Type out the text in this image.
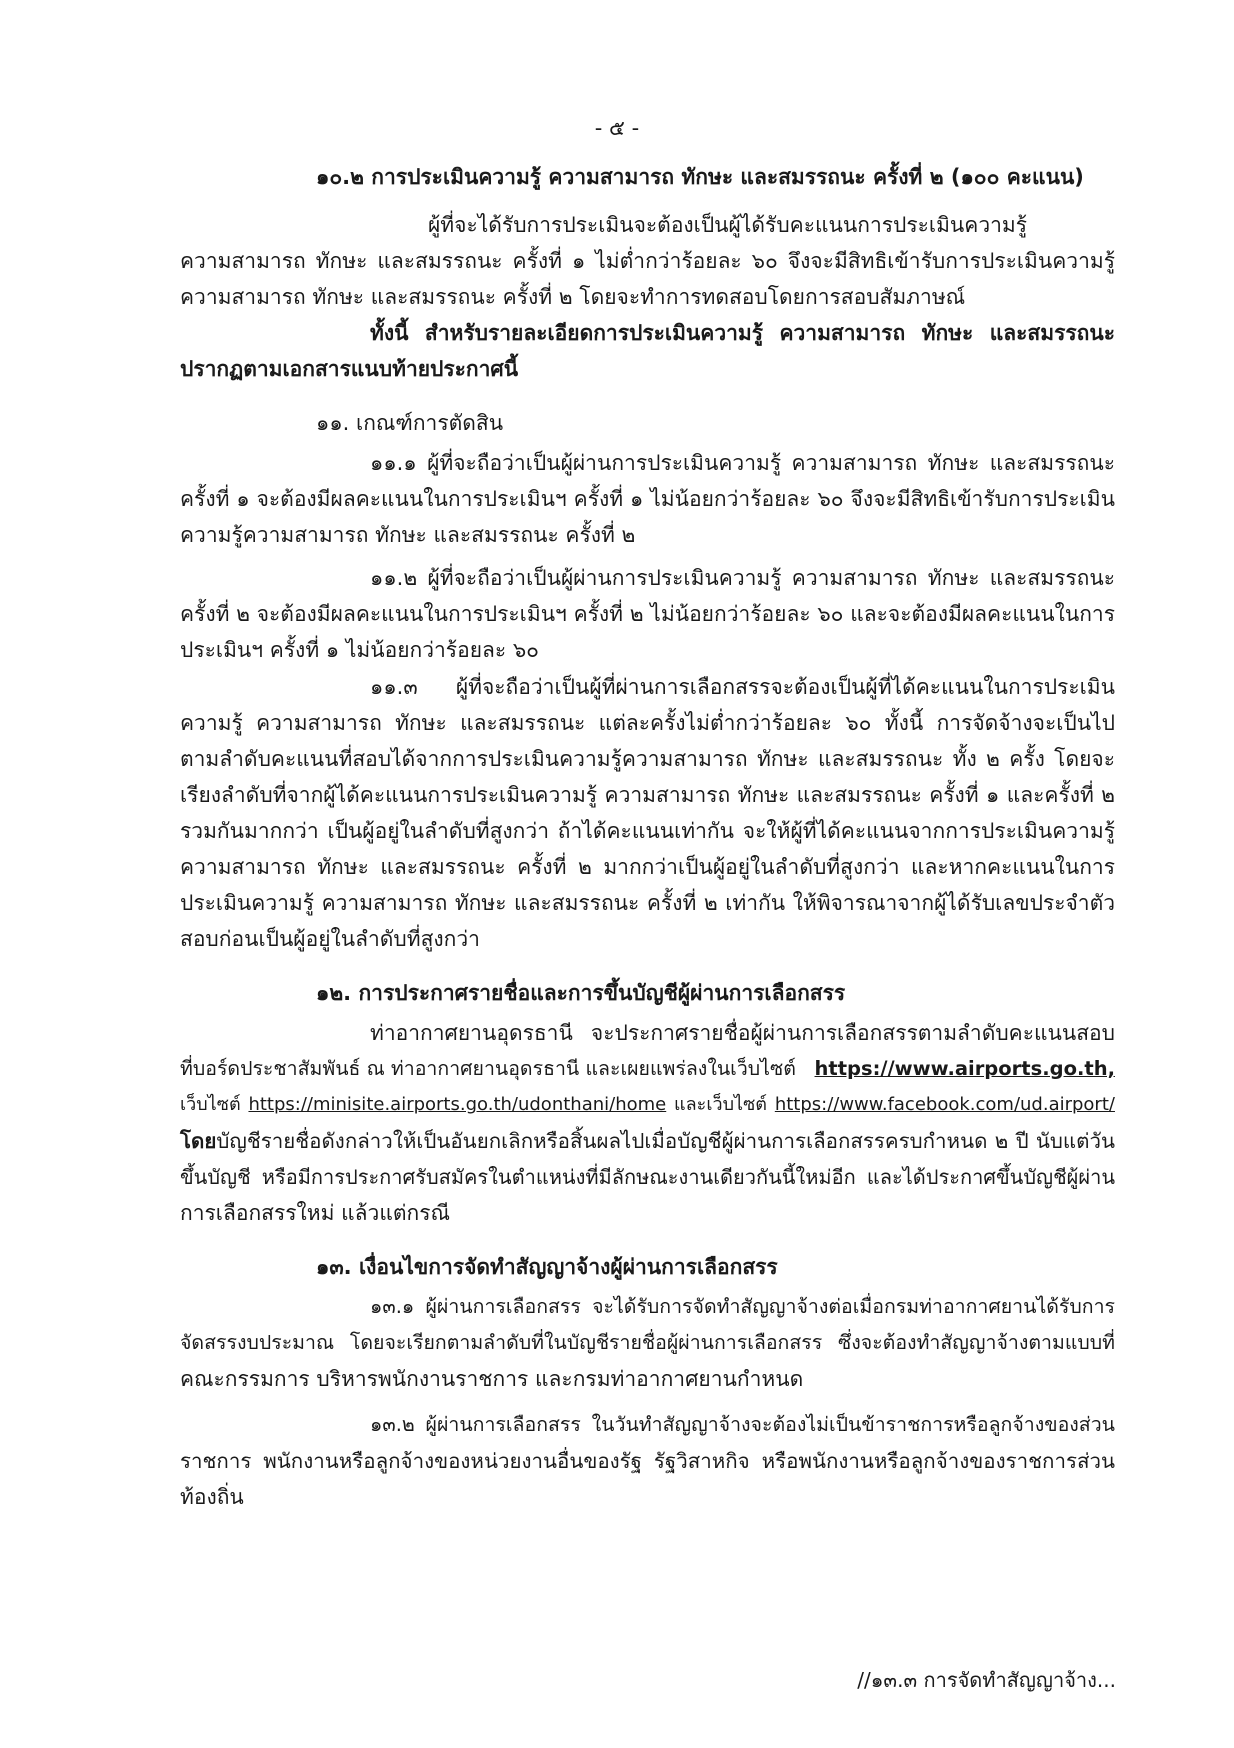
- ๕ -
๑๐.๒ การประเมินความรู้ ความสามารถ ทักษะ และสมรรถนะ ครั้งที่ ๒ (๑๐๐ คะแนน)
ผู้ที่จะได้รับการประเมินจะต้องเป็นผู้ได้รับคะแนนการประเมินความรู้
ความสามารถ ทักษะ และสมรรถนะ ครั้งที่ ๑ ไม่ต่ำกว่าร้อยละ ๖๐ จึงจะมีสิทธิเข้ารับการประเมินความรู้
ความสามารถ ทักษะ และสมรรถนะ ครั้งที่ ๒ โดยจะทำการทดสอบโดยการสอบสัมภาษณ์
ทั้งนี้ สำหรับรายละเอียดการประเมินความรู้ ความสามารถ ทักษะ และสมรรถนะ
ปรากฏตามเอกสารแนบท้ายประกาศนี้
๑๑. เกณฑ์การตัดสิน
๑๑.๑ ผู้ที่จะถือว่าเป็นผู้ผ่านการประเมินความรู้ ความสามารถ ทักษะ และสมรรถนะ
ครั้งที่ ๑ จะต้องมีผลคะแนนในการประเมินฯ ครั้งที่ ๑ ไม่น้อยกว่าร้อยละ ๖๐ จึงจะมีสิทธิเข้ารับการประเมิน
ความรู้ความสามารถ ทักษะ และสมรรถนะ ครั้งที่ ๒
๑๑.๒ ผู้ที่จะถือว่าเป็นผู้ผ่านการประเมินความรู้ ความสามารถ ทักษะ และสมรรถนะ
ครั้งที่ ๒ จะต้องมีผลคะแนนในการประเมินฯ ครั้งที่ ๒ ไม่น้อยกว่าร้อยละ ๖๐ และจะต้องมีผลคะแนนในการ
ประเมินฯ ครั้งที่ ๑ ไม่น้อยกว่าร้อยละ ๖๐
๑๑.๓ ผู้ที่จะถือว่าเป็นผู้ที่ผ่านการเลือกสรรจะต้องเป็นผู้ที่ได้คะแนนในการประเมิน
ความรู้ ความสามารถ ทักษะ และสมรรถนะ แต่ละครั้งไม่ต่ำกว่าร้อยละ ๖๐ ทั้งนี้ การจัดจ้างจะเป็นไป
ตามลำดับคะแนนที่สอบได้จากการประเมินความรู้ความสามารถ ทักษะ และสมรรถนะ ทั้ง ๒ ครั้ง โดยจะ
เรียงลำดับที่จากผู้ได้คะแนนการประเมินความรู้ ความสามารถ ทักษะ และสมรรถนะ ครั้งที่ ๑ และครั้งที่ ๒
รวมกันมากกว่า เป็นผู้อยู่ในลำดับที่สูงกว่า ถ้าได้คะแนนเท่ากัน จะให้ผู้ที่ได้คะแนนจากการประเมินความรู้
ความสามารถ ทักษะ และสมรรถนะ ครั้งที่ ๒ มากกว่าเป็นผู้อยู่ในลำดับที่สูงกว่า และหากคะแนนในการ
ประเมินความรู้ ความสามารถ ทักษะ และสมรรถนะ ครั้งที่ ๒ เท่ากัน ให้พิจารณาจากผู้ได้รับเลขประจำตัว
สอบก่อนเป็นผู้อยู่ในลำดับที่สูงกว่า
๑๒. การประกาศรายชื่อและการขึ้นบัญชีผู้ผ่านการเลือกสรร
ท่าอากาศยานอุดรธานี จะประกาศรายชื่อผู้ผ่านการเลือกสรรตามลำดับคะแนนสอบ
ที่บอร์ดประชาสัมพันธ์ ณ ท่าอากาศยานอุดรธานี และเผยแพร่ลงในเว็บไซต์ https://www.airports.go.th,
เว็บไซต์ https://minisite.airports.go.th/udonthani/home และเว็บไซต์ https://www.facebook.com/ud.airport/
โดยบัญชีรายชื่อดังกล่าวให้เป็นอันยกเลิกหรือสิ้นผลไปเมื่อบัญชีผู้ผ่านการเลือกสรรครบกำหนด ๒ ปี นับแต่วัน
ขึ้นบัญชี หรือมีการประกาศรับสมัครในตำแหน่งที่มีลักษณะงานเดียวกันนี้ใหม่อีก และได้ประกาศขึ้นบัญชีผู้ผ่าน
การเลือกสรรใหม่ แล้วแต่กรณี
๑๓. เงื่อนไขการจัดทำสัญญาจ้างผู้ผ่านการเลือกสรร
๑๓.๑ ผู้ผ่านการเลือกสรร จะได้รับการจัดทำสัญญาจ้างต่อเมื่อกรมท่าอากาศยานได้รับการ
จัดสรรงบประมาณ โดยจะเรียกตามลำดับที่ในบัญชีรายชื่อผู้ผ่านการเลือกสรร ซึ่งจะต้องทำสัญญาจ้างตามแบบที่
คณะกรรมการ บริหารพนักงานราชการ และกรมท่าอากาศยานกำหนด
๑๓.๒ ผู้ผ่านการเลือกสรร ในวันทำสัญญาจ้างจะต้องไม่เป็นข้าราชการหรือลูกจ้างของส่วน
ราชการ พนักงานหรือลูกจ้างของหน่วยงานอื่นของรัฐ รัฐวิสาหกิจ หรือพนักงานหรือลูกจ้างของราชการส่วน
ท้องถิ่น
//๑๓.๓ การจัดทำสัญญาจ้าง...
